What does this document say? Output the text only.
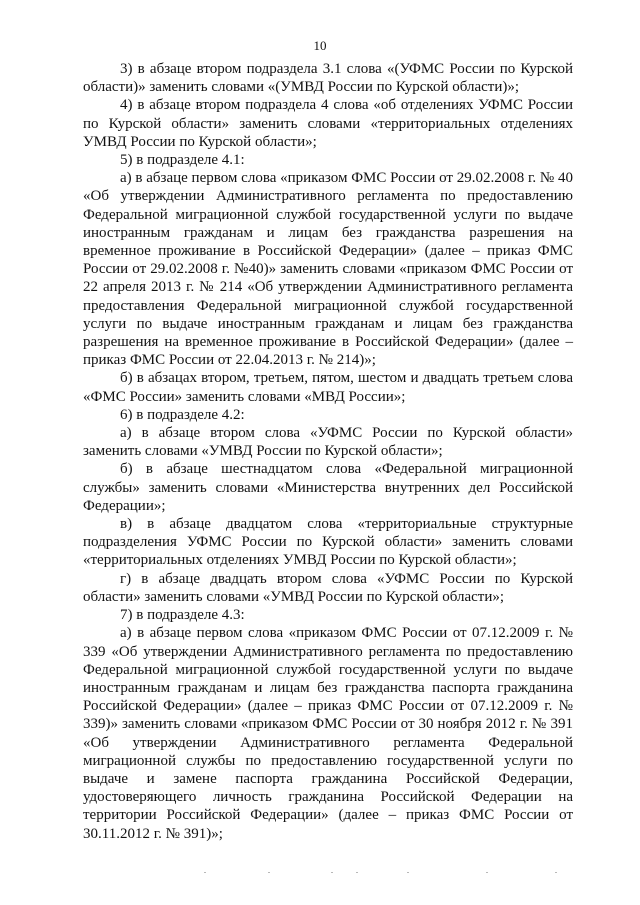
10

3) в абзаце втором подраздела 3.1 слова «(УФМС России по Курской области)» заменить словами «(УМВД России по Курской области)»;

4) в абзаце втором подраздела 4 слова «об отделениях УФМС России по Курской области» заменить словами «территориальных отделениях УМВД России по Курской области»;

5) в подразделе 4.1:

а) в абзаце первом слова «приказом ФМС России от 29.02.2008 г. № 40 «Об утверждении Административного регламента по предоставлению Федеральной миграционной службой государственной услуги по выдаче иностранным гражданам и лицам без гражданства разрешения на временное проживание в Российской Федерации» (далее – приказ ФМС России от 29.02.2008 г. №40)» заменить словами «приказом ФМС России от 22 апреля 2013 г. № 214 «Об утверждении Административного регламента предоставления Федеральной миграционной службой государственной услуги по выдаче иностранным гражданам и лицам без гражданства разрешения на временное проживание в Российской Федерации» (далее – приказ ФМС России от 22.04.2013 г. № 214)»;

б) в абзацах втором, третьем, пятом, шестом и двадцать третьем слова «ФМС России» заменить словами «МВД России»;

6) в подразделе 4.2:

а) в абзаце втором слова «УФМС России по Курской области» заменить словами «УМВД России по Курской области»;

б) в абзаце шестнадцатом слова «Федеральной миграционной службы» заменить словами «Министерства внутренних дел Российской Федерации»;

в) в абзаце двадцатом слова «территориальные структурные подразделения УФМС России по Курской области» заменить словами «территориальных отделениях УМВД России по Курской области»;

г) в абзаце двадцать втором слова «УФМС России по Курской области» заменить словами «УМВД России по Курской области»;

7) в подразделе 4.3:

а) в абзаце первом слова «приказом ФМС России от 07.12.2009 г. № 339 «Об утверждении Административного регламента по предоставлению Федеральной миграционной службой государственной услуги по выдаче иностранным гражданам и лицам без гражданства паспорта гражданина Российской Федерации» (далее – приказ ФМС России от 07.12.2009 г. № 339)» заменить словами «приказом ФМС России от 30 ноября 2012 г. № 391 «Об утверждении Административного регламента Федеральной миграционной службы по предоставлению государственной услуги по выдаче и замене паспорта гражданина Российской Федерации, удостоверяющего личность гражданина Российской Федерации на территории Российской Федерации» (далее – приказ ФМС России от 30.11.2012 г. № 391)»;
